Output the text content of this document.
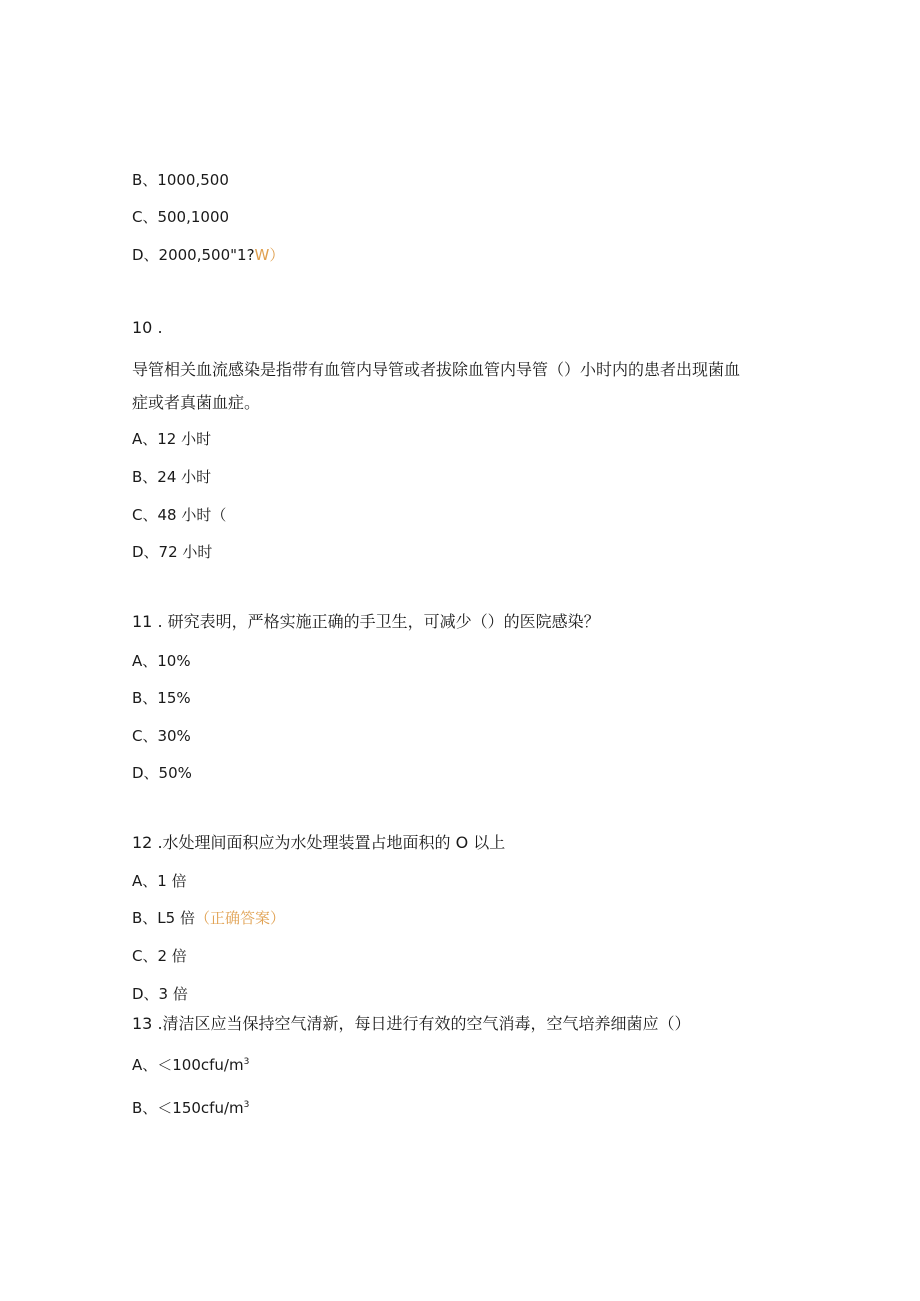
B、1000,500
C、500,1000
D、2000,500"1?W）
10 .
导管相关血流感染是指带有血管内导管或者拔除血管内导管（）小时内的患者出现菌血
症或者真菌血症。
A、12 小时
B、24 小时
C、48 小时（
D、72 小时
11 . 研究表明，严格实施正确的手卫生，可减少（）的医院感染？
A、10%
B、15%
C、30%
D、50%
12 .水处理间面积应为水处理装置占地面积的 O 以上
A、1 倍
B、L5 倍（正确答案）
C、2 倍
D、3 倍
13 .清洁区应当保持空气清新，每日进行有效的空气消毒，空气培养细菌应（）
A、$<100cfu/m^3$
B、$<150cfu/m^3$
